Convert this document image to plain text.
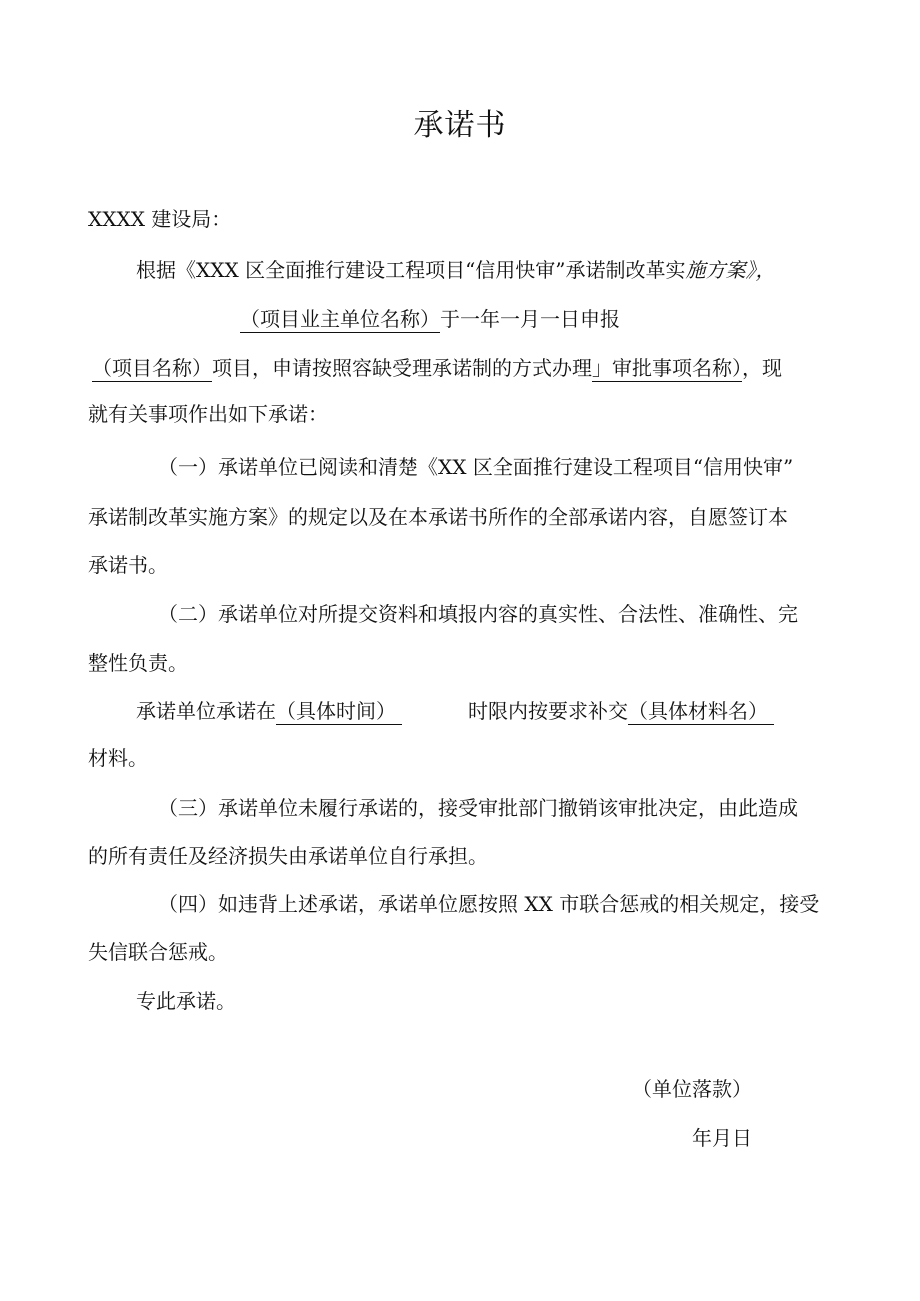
承诺书
XXXX 建设局：
根据《XXX 区全面推行建设工程项目“信用快审”承诺制改革实施方案》，
（项目业主单位名称）于一年一月一日申报
（项目名称）项目，申请按照容缺受理承诺制的方式办理」审批事项名称），现
就有关事项作出如下承诺：
（一）承诺单位已阅读和清楚《XX 区全面推行建设工程项目“信用快审”
承诺制改革实施方案》的规定以及在本承诺书所作的全部承诺内容，自愿签订本
承诺书。
（二）承诺单位对所提交资料和填报内容的真实性、合法性、准确性、完
整性负责。
承诺单位承诺在（具体时间）	时限内按要求补交（具体材料名）
材料。
（三）承诺单位未履行承诺的，接受审批部门撤销该审批决定，由此造成
的所有责任及经济损失由承诺单位自行承担。
（四）如违背上述承诺，承诺单位愿按照 XX 市联合惩戒的相关规定，接受
失信联合惩戒。
专此承诺。
（单位落款）
年月日
